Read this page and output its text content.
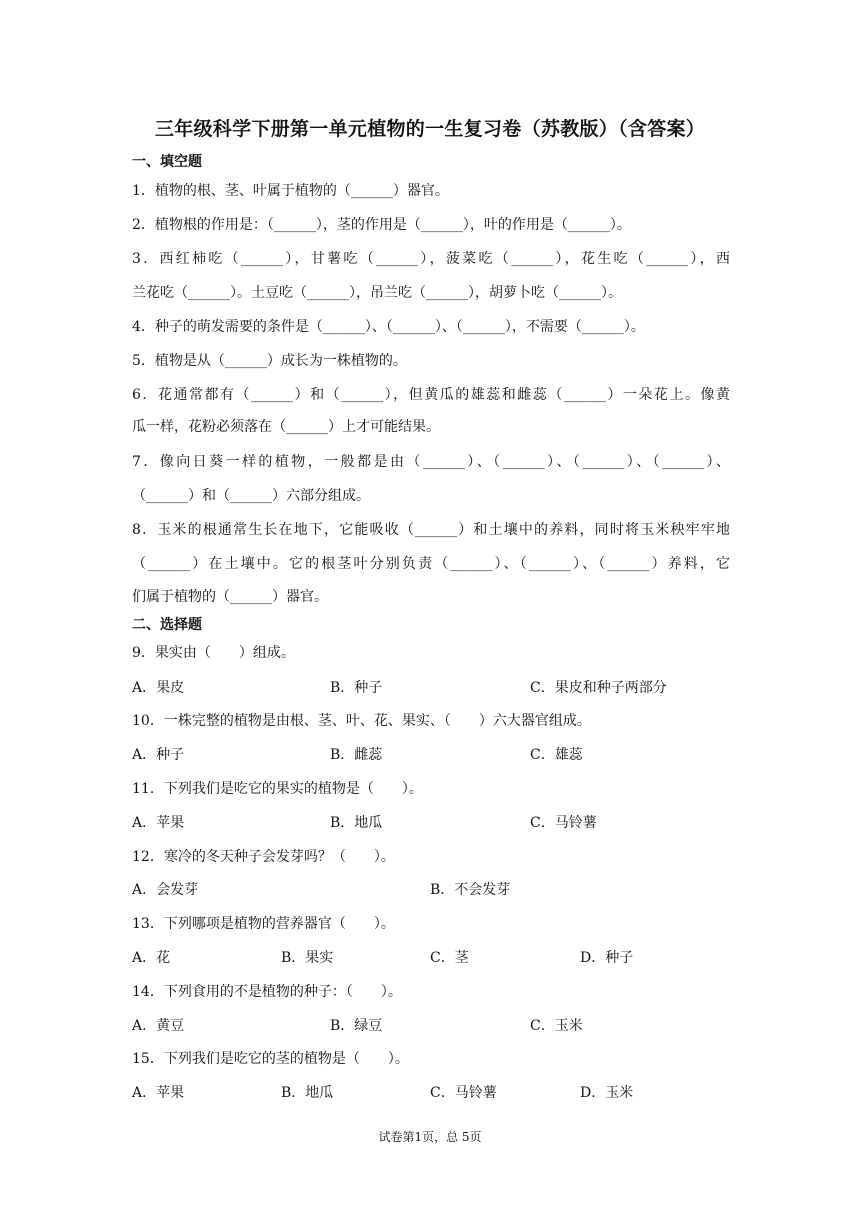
三年级科学下册第一单元植物的一生复习卷（苏教版）（含答案）
一、填空题
1．植物的根、茎、叶属于植物的（______）器官。
2．植物根的作用是：（______），茎的作用是（______），叶的作用是（______）。
3．西红柿吃（______），甘薯吃（______），菠菜吃（______），花生吃（______），西
兰花吃（______）。土豆吃（______），吊兰吃（______），胡萝卜吃（______）。
4．种子的萌发需要的条件是（______）、（______）、（______），不需要（______）。
5．植物是从（______）成长为一株植物的。
6．花通常都有（______）和（______），但黄瓜的雄蕊和雌蕊（______）一朵花上。像黄
瓜一样，花粉必须落在（______）上才可能结果。
7．像向日葵一样的植物，一般都是由（______）、（______）、（______）、（______）、
（______）和（______）六部分组成。
8．玉米的根通常生长在地下，它能吸收（______）和土壤中的养料，同时将玉米秧牢牢地
（______）在土壤中。它的根茎叶分别负责（______）、（______）、（______）养料，它
们属于植物的（______）器官。
二、选择题
9．果实由（　　）组成。
A．果皮	B．种子	C．果皮和种子两部分
10．一株完整的植物是由根、茎、叶、花、果实、（　　）六大器官组成。
A．种子	B．雌蕊	C．雄蕊
11．下列我们是吃它的果实的植物是（　　）。
A．苹果	B．地瓜	C．马铃薯
12．寒冷的冬天种子会发芽吗？（　　）。
A．会发芽	B．不会发芽
13．下列哪项是植物的营养器官（　　）。
A．花	B．果实	C．茎	D．种子
14．下列食用的不是植物的种子：（　　）。
A．黄豆	B．绿豆	C．玉米
15．下列我们是吃它的茎的植物是（　　）。
A．苹果	B．地瓜	C．马铃薯	D．玉米
试卷第1页，总 5页
